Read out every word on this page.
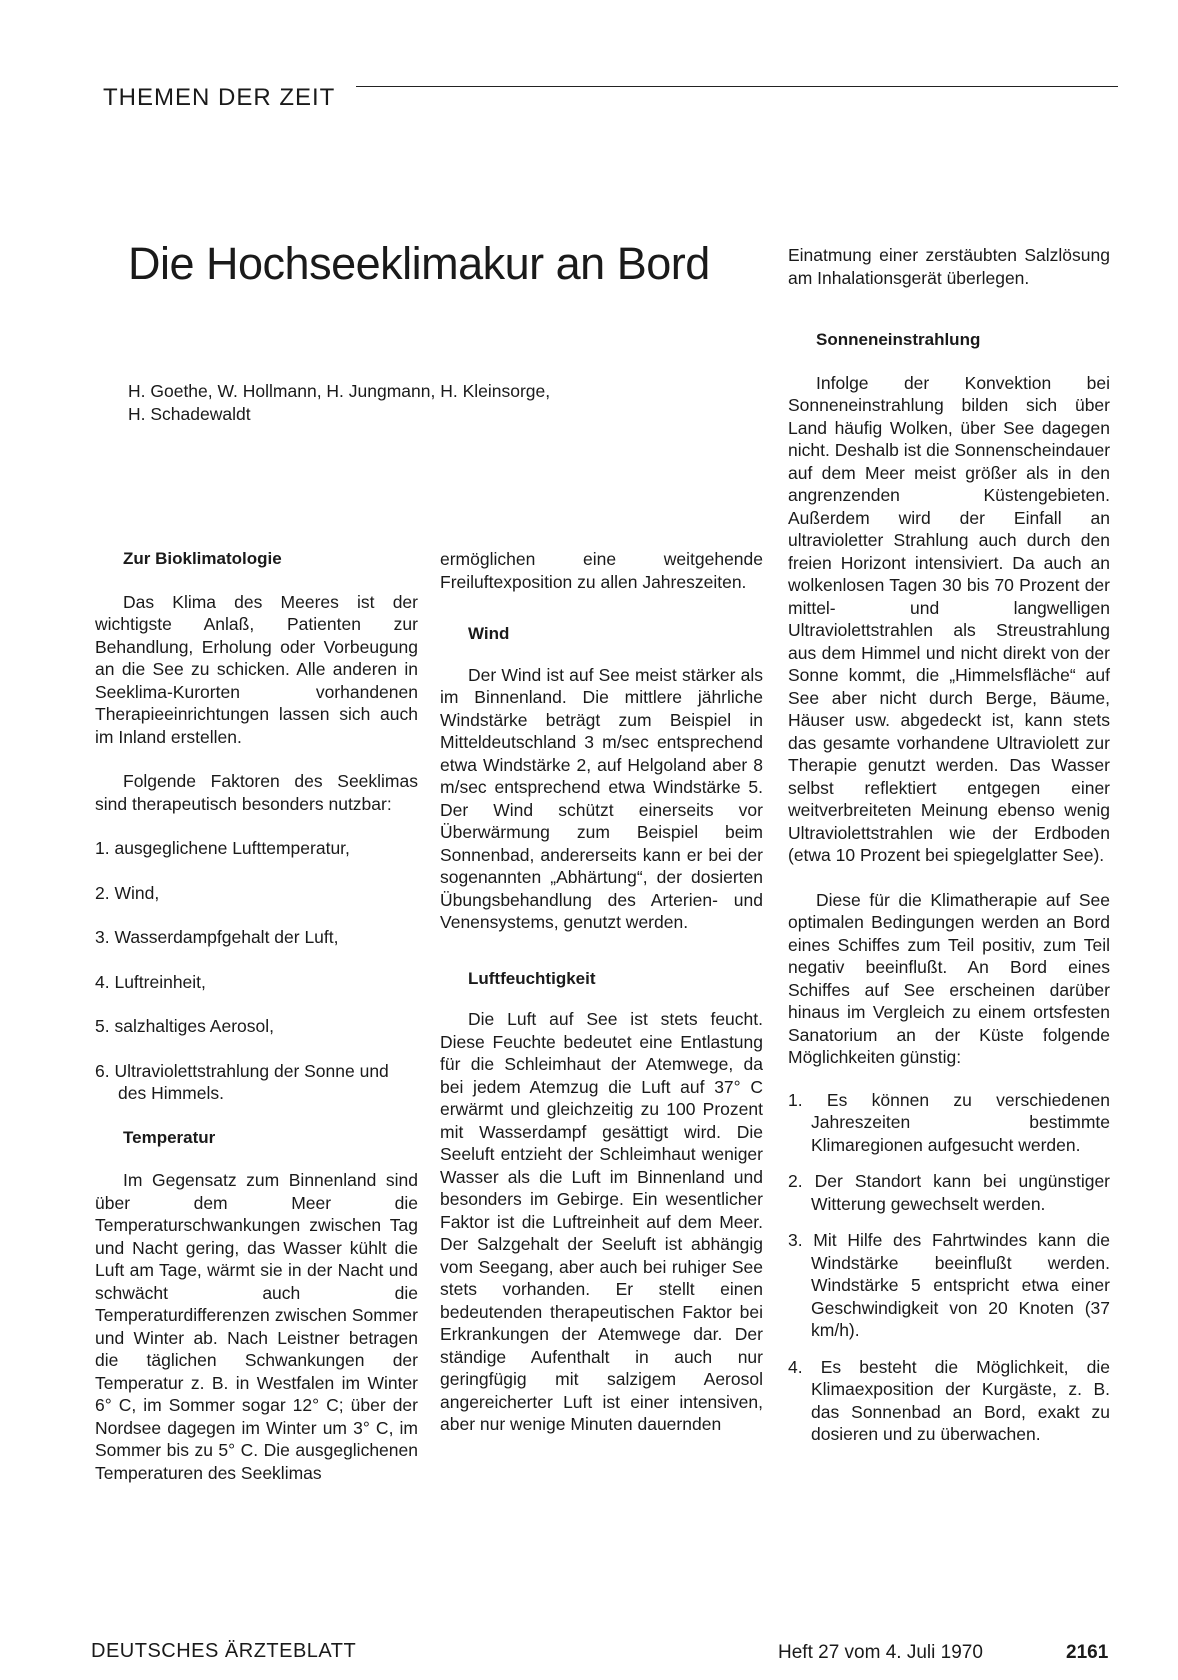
THEMEN DER ZEIT
Die Hochseeklimakur an Bord
H. Goethe, W. Hollmann, H. Jungmann, H. Kleinsorge,
H. Schadewaldt
Zur Bioklimatologie

Das Klima des Meeres ist der wichtigste Anlaß, Patienten zur Behandlung, Erholung oder Vorbeugung an die See zu schicken. Alle anderen in Seeklima-Kurorten vorhandenen Therapieeinrichtungen lassen sich auch im Inland erstellen.

Folgende Faktoren des Seeklimas sind therapeutisch besonders nutzbar:

1. ausgeglichene Lufttemperatur,

2. Wind,

3. Wasserdampfgehalt der Luft,

4. Luftreinheit,

5. salzhaltiges Aerosol,

6. Ultraviolettstrahlung der Sonne und des Himmels.

Temperatur

Im Gegensatz zum Binnenland sind über dem Meer die Temperaturschwankungen zwischen Tag und Nacht gering, das Wasser kühlt die Luft am Tage, wärmt sie in der Nacht und schwächt auch die Temperaturdifferenzen zwischen Sommer und Winter ab. Nach Leistner betragen die täglichen Schwankungen der Temperatur z. B. in Westfalen im Winter 6° C, im Sommer sogar 12° C; über der Nordsee dagegen im Winter um 3° C, im Sommer bis zu 5° C. Die ausgeglichenen Temperaturen des Seeklimas

ermöglichen eine weitgehende Freiluftexposition zu allen Jahreszeiten.

Wind

Der Wind ist auf See meist stärker als im Binnenland. Die mittlere jährliche Windstärke beträgt zum Beispiel in Mitteldeutschland 3 m/sec entsprechend etwa Windstärke 2, auf Helgoland aber 8 m/sec entsprechend etwa Windstärke 5. Der Wind schützt einerseits vor Überwärmung zum Beispiel beim Sonnenbad, andererseits kann er bei der sogenannten „Abhärtung“, der dosierten Übungsbehandlung des Arterien- und Venensystems, genutzt werden.

Luftfeuchtigkeit

Die Luft auf See ist stets feucht. Diese Feuchte bedeutet eine Entlastung für die Schleimhaut der Atemwege, da bei jedem Atemzug die Luft auf 37° C erwärmt und gleichzeitig zu 100 Prozent mit Wasserdampf gesättigt wird. Die Seeluft entzieht der Schleimhaut weniger Wasser als die Luft im Binnenland und besonders im Gebirge. Ein wesentlicher Faktor ist die Luftreinheit auf dem Meer. Der Salzgehalt der Seeluft ist abhängig vom Seegang, aber auch bei ruhiger See stets vorhanden. Er stellt einen bedeutenden therapeutischen Faktor bei Erkrankungen der Atemwege dar. Der ständige Aufenthalt in auch nur geringfügig mit salzigem Aerosol angereicherter Luft ist einer intensiven, aber nur wenige Minuten dauernden

Einatmung einer zerstäubten Salzlösung am Inhalationsgerät überlegen.

Sonneneinstrahlung

Infolge der Konvektion bei Sonneneinstrahlung bilden sich über Land häufig Wolken, über See dagegen nicht. Deshalb ist die Sonnenscheindauer auf dem Meer meist größer als in den angrenzenden Küstengebieten. Außerdem wird der Einfall an ultravioletter Strahlung auch durch den freien Horizont intensiviert. Da auch an wolkenlosen Tagen 30 bis 70 Prozent der mittel- und langwelligen Ultraviolettstrahlen als Streustrahlung aus dem Himmel und nicht direkt von der Sonne kommt, die „Himmelsfläche“ auf See aber nicht durch Berge, Bäume, Häuser usw. abgedeckt ist, kann stets das gesamte vorhandene Ultraviolett zur Therapie genutzt werden. Das Wasser selbst reflektiert entgegen einer weitverbreiteten Meinung ebenso wenig Ultraviolettstrahlen wie der Erdboden (etwa 10 Prozent bei spiegelglatter See).

Diese für die Klimatherapie auf See optimalen Bedingungen werden an Bord eines Schiffes zum Teil positiv, zum Teil negativ beeinflußt. An Bord eines Schiffes auf See erscheinen darüber hinaus im Vergleich zu einem ortsfesten Sanatorium an der Küste folgende Möglichkeiten günstig:

1. Es können zu verschiedenen Jahreszeiten bestimmte Klimaregionen aufgesucht werden.

2. Der Standort kann bei ungünstiger Witterung gewechselt werden.

3. Mit Hilfe des Fahrtwindes kann die Windstärke beeinflußt werden. Windstärke 5 entspricht etwa einer Geschwindigkeit von 20 Knoten (37 km/h).

4. Es besteht die Möglichkeit, die Klimaexposition der Kurgäste, z. B. das Sonnenbad an Bord, exakt zu dosieren und zu überwachen.

DEUTSCHES ÄRZTEBLATT	Heft 27 vom 4. Juli 1970	2161
